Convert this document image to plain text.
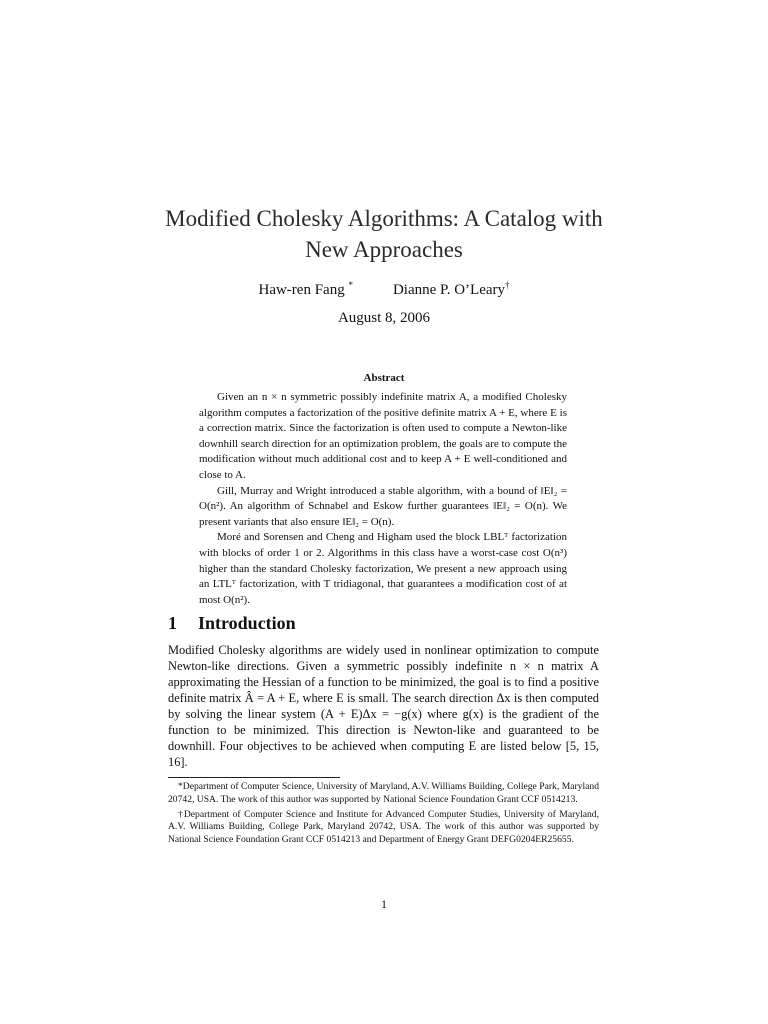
Modified Cholesky Algorithms: A Catalog with
New Approaches
Haw-ren Fang *	Dianne P. O’Leary†
August 8, 2006
Abstract

Given an n × n symmetric possibly indefinite matrix A, a modified Cholesky algorithm computes a factorization of the positive definite matrix A + E, where E is a correction matrix. Since the factorization is often used to compute a Newton-like downhill search direction for an optimization problem, the goals are to compute the modification without much additional cost and to keep A + E well-conditioned and close to A.

Gill, Murray and Wright introduced a stable algorithm, with a bound of ‖E‖₂ = O(n²). An algorithm of Schnabel and Eskow further guarantees ‖E‖₂ = O(n). We present variants that also ensure ‖E‖₂ = O(n).

Moré and Sorensen and Cheng and Higham used the block LBLᵀ factorization with blocks of order 1 or 2. Algorithms in this class have a worst-case cost O(n³) higher than the standard Cholesky factorization, We present a new approach using an LTLᵀ factorization, with T tridiagonal, that guarantees a modification cost of at most O(n²).

1	Introduction

Modified Cholesky algorithms are widely used in nonlinear optimization to compute Newton-like directions. Given a symmetric possibly indefinite n × n matrix A approximating the Hessian of a function to be minimized, the goal is to find a positive definite matrix Â = A + E, where E is small. The search direction Δx is then computed by solving the linear system (A + E)Δx = −g(x) where g(x) is the gradient of the function to be minimized. This direction is Newton-like and guaranteed to be downhill. Four objectives to be achieved when computing E are listed below [5, 15, 16].

*Department of Computer Science, University of Maryland, A.V. Williams Building, College Park, Maryland 20742, USA. The work of this author was supported by National Science Foundation Grant CCF 0514213.

†Department of Computer Science and Institute for Advanced Computer Studies, University of Maryland, A.V. Williams Building, College Park, Maryland 20742, USA. The work of this author was supported by National Science Foundation Grant CCF 0514213 and Department of Energy Grant DEFG0204ER25655.

1
